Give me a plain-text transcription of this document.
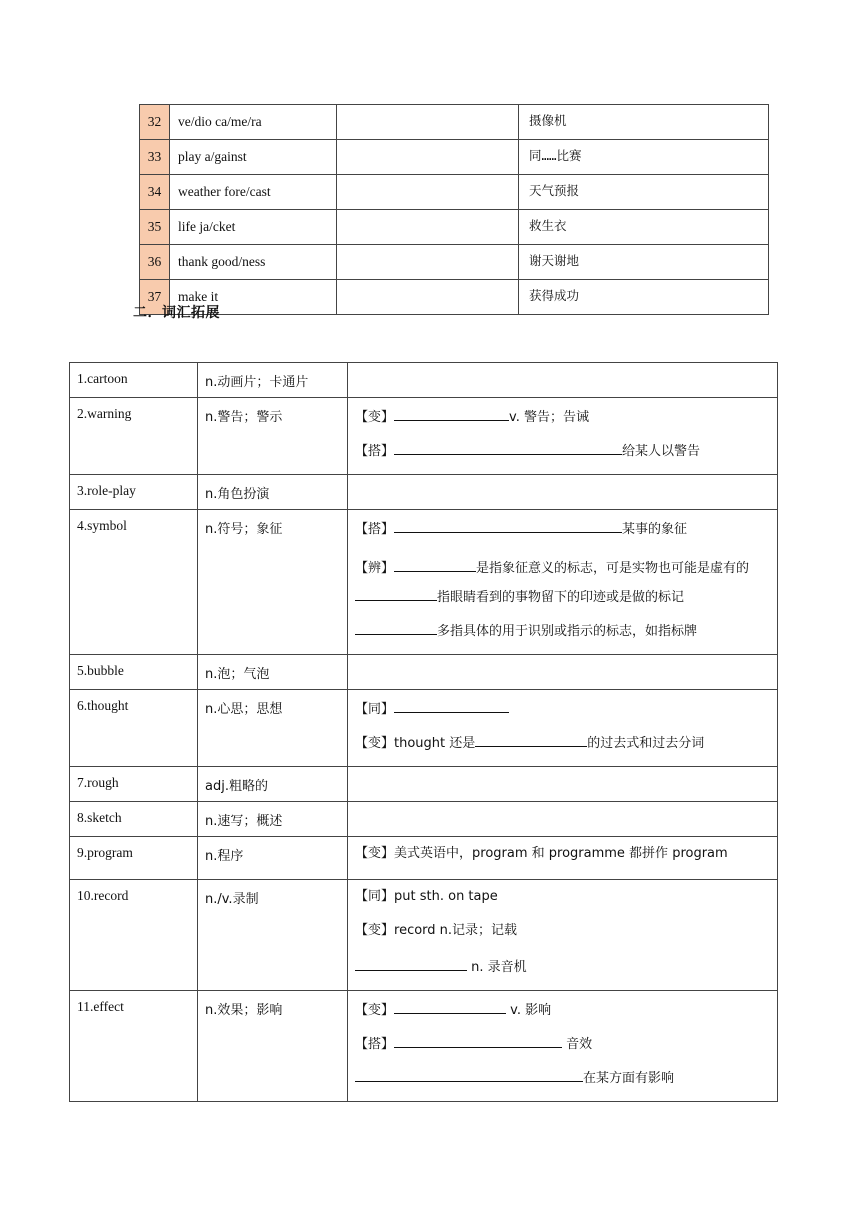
32	ve/dio ca/me/ra		摄像机
33	play a/gainst		同……比赛
34	weather fore/cast		天气预报
35	life ja/cket		救生衣
36	thank good/ness		谢天谢地
37	make it		获得成功
二．词汇拓展
1.cartoon	n.动画片；卡通片	

2.warning	n.警告；警示	【变】 v. 警告；告诫
【搭】 给某人以警告

3.role-play	n.角色扮演	

4.symbol	n.符号；象征	【搭】 某事的象征
【辨】 是指象征意义的标志，可是实物也可能是虚有的
指眼睛看到的事物留下的印迹或是做的标记
多指具体的用于识别或指示的标志，如指标牌

5.bubble	n.泡；气泡	

6.thought	n.心思；思想	【同】
【变】thought 还是 的过去式和过去分词

7.rough	adj.粗略的	

8.sketch	n.速写；概述	

9.program	n.程序	【变】美式英语中，program 和 programme 都拼作 program

10.record	n./v.录制	【同】put sth. on tape
【变】record n.记录；记载
n. 录音机

11.effect	n.效果；影响	【变】 v. 影响
【搭】 音效
在某方面有影响
